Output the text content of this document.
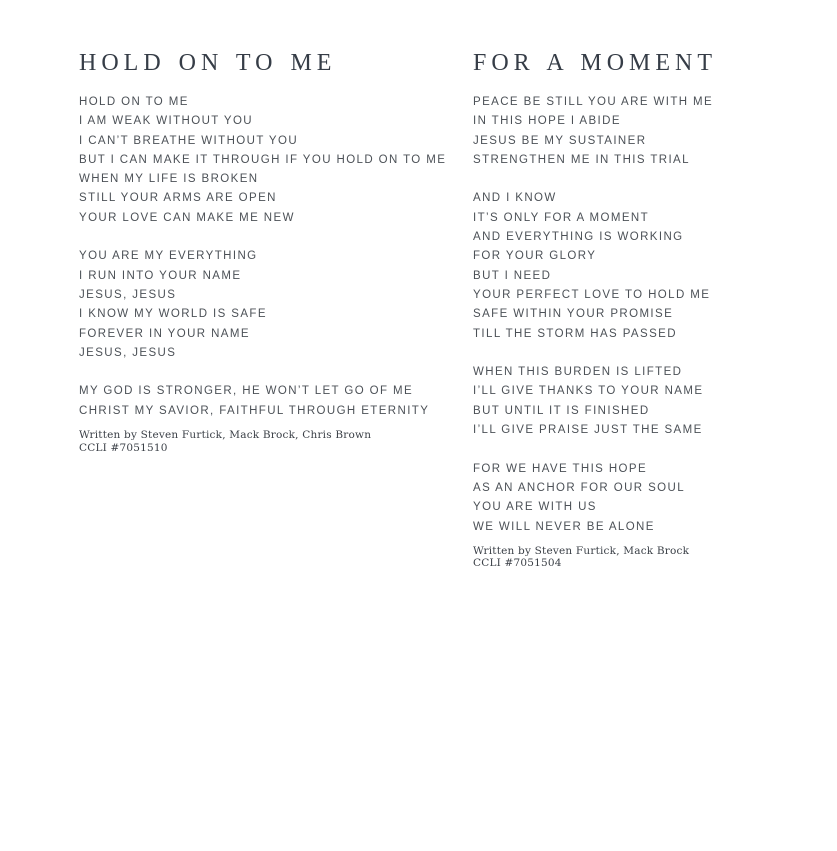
HOLD ON TO ME

HOLD ON TO ME

I AM WEAK WITHOUT YOU

I CAN’T BREATHE WITHOUT YOU

BUT I CAN MAKE IT THROUGH IF YOU HOLD ON TO ME

WHEN MY LIFE IS BROKEN

STILL YOUR ARMS ARE OPEN

YOUR LOVE CAN MAKE ME NEW

YOU ARE MY EVERYTHING

I RUN INTO YOUR NAME

JESUS, JESUS

I KNOW MY WORLD IS SAFE

FOREVER IN YOUR NAME

JESUS, JESUS

MY GOD IS STRONGER, HE WON’T LET GO OF ME

CHRIST MY SAVIOR, FAITHFUL THROUGH ETERNITY

Written by Steven Furtick, Mack Brock, Chris Brown

CCLI #7051510

FOR A MOMENT

PEACE BE STILL YOU ARE WITH ME

IN THIS HOPE I ABIDE

JESUS BE MY SUSTAINER

STRENGTHEN ME IN THIS TRIAL

AND I KNOW

IT’S ONLY FOR A MOMENT

AND EVERYTHING IS WORKING

FOR YOUR GLORY

BUT I NEED

YOUR PERFECT LOVE TO HOLD ME

SAFE WITHIN YOUR PROMISE

TILL THE STORM HAS PASSED

WHEN THIS BURDEN IS LIFTED

I’LL GIVE THANKS TO YOUR NAME

BUT UNTIL IT IS FINISHED

I’LL GIVE PRAISE JUST THE SAME

FOR WE HAVE THIS HOPE

AS AN ANCHOR FOR OUR SOUL

YOU ARE WITH US

WE WILL NEVER BE ALONE

Written by Steven Furtick, Mack Brock

CCLI #7051504
